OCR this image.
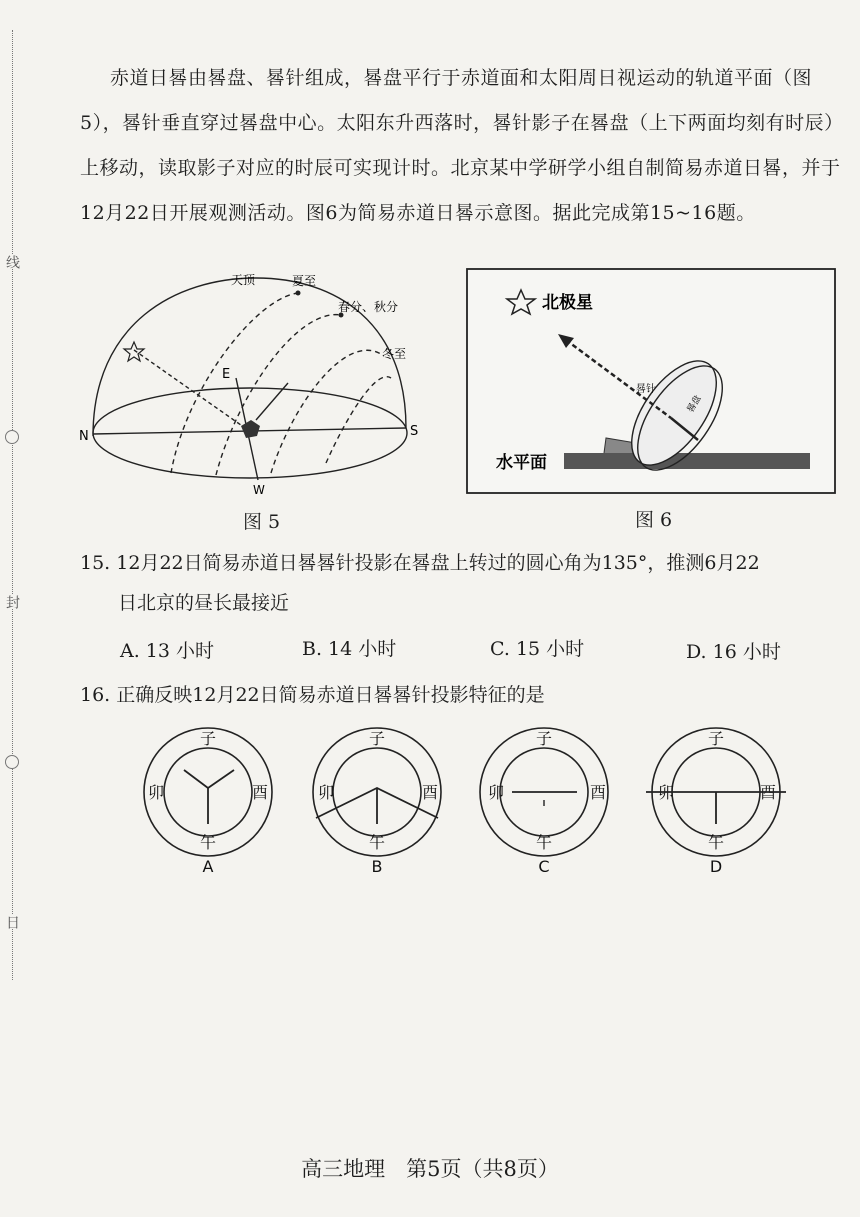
线
封
日
赤道日晷由晷盘、晷针组成，晷盘平行于赤道面和太阳周日视运动的轨道平面（图5），晷针垂直穿过晷盘中心。太阳东升西落时，晷针影子在晷盘（上下两面均刻有时辰）上移动，读取影子对应的时辰可实现计时。北京某中学研学小组自制简易赤道日晷，并于12月22日开展观测活动。图6为简易赤道日晷示意图。据此完成第15~16题。
天顶	夏至
春分、秋分
冬至
N	S
E
W
图 5
北极星
水平面
晷针
晷盘
图 6
15. 12月22日简易赤道日晷晷针投影在晷盘上转过的圆心角为135°，推测6月22
日北京的昼长最接近
A. 13 小时	B. 14 小时	C. 15 小时	D. 16 小时
16. 正确反映12月22日简易赤道日晷晷针投影特征的是
子
卯	酉
午
A
子
卯	酉
午
B
子
卯	酉
午
C
子
卯	酉
午
D
高三地理　第5页（共8页）
